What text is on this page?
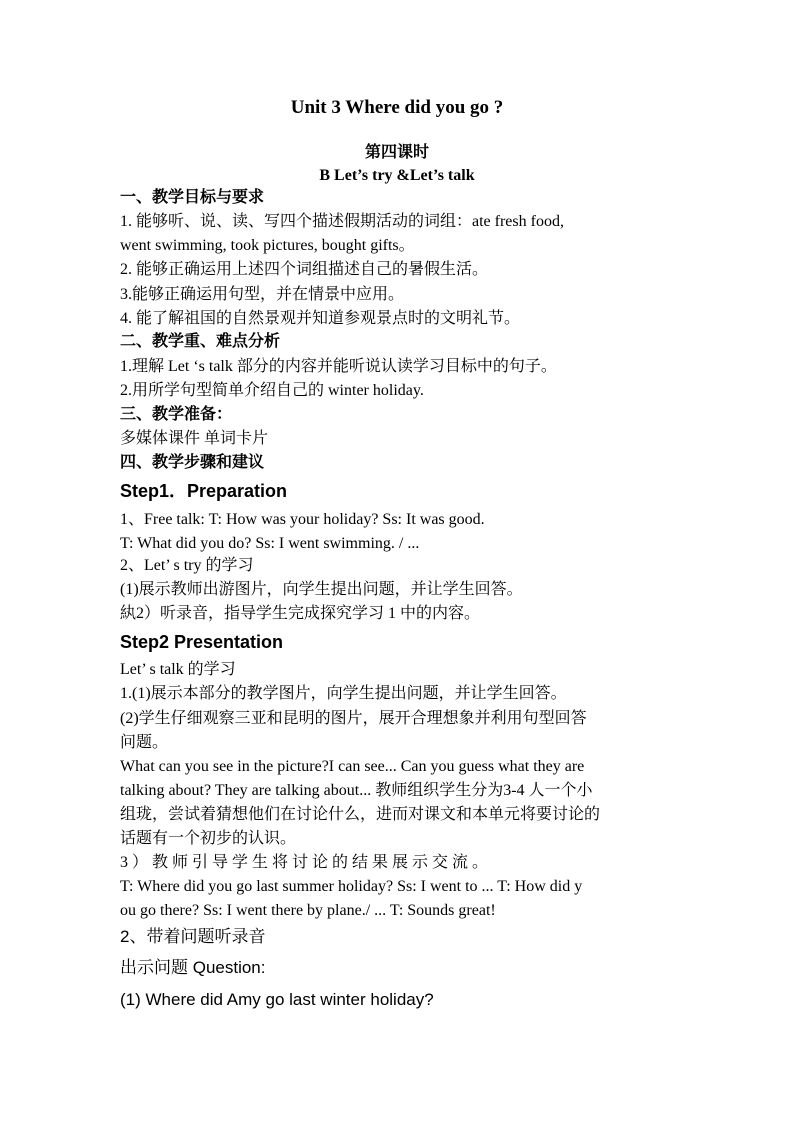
Unit 3 Where did you go ?
第四课时
B Let’s try &Let’s talk
一、教学目标与要求
1. 能够听、说、读、写四个描述假期活动的词组：ate fresh food,
went swimming, took pictures, bought gifts。
2. 能够正确运用上述四个词组描述自己的暑假生活。
3.能够正确运用句型，并在情景中应用。
4. 能了解祖国的自然景观并知道参观景点时的文明礼节。
二、教学重、难点分析
1.理解 Let ‘s talk 部分的内容并能听说认读学习目标中的句子。
2.用所学句型简单介绍自己的 winter holiday.
三、教学准备：
多媒体课件 单词卡片
四、教学步骤和建议
Step1．Preparation
1、Free talk: T: How was your holiday? Ss: It was good.
T: What did you do? Ss: I went swimming. / ...
2、Let’ s try 的学习
(1)展示教师出游图片，向学生提出问题，并让学生回答。
紈2）听录音，指导学生完成探究学习 1 中的内容。
Step2 Presentation
Let’ s talk 的学习
1.(1)展示本部分的教学图片，向学生提出问题，并让学生回答。
(2)学生仔细观察三亚和昆明的图片，展开合理想象并利用句型回答
问题。
What can you see in the picture?I can see... Can you guess what they are
talking about? They are talking about... 教师组织学生分为3-4 人一个小
组珑，尝试着猜想他们在讨论什么，进而对课文和本单元将要讨论的
话题有一个初步的认识。
3 ） 教 师 引 导 学 生 将 讨 论 的 结 果 展 示 交 流 。
T: Where did you go last summer holiday? Ss: I went to ... T: How did y
ou go there? Ss: I went there by plane./ ... T: Sounds great!
2、带着问题听录音
出示问题 Question:
(1) Where did Amy go last winter holiday?
